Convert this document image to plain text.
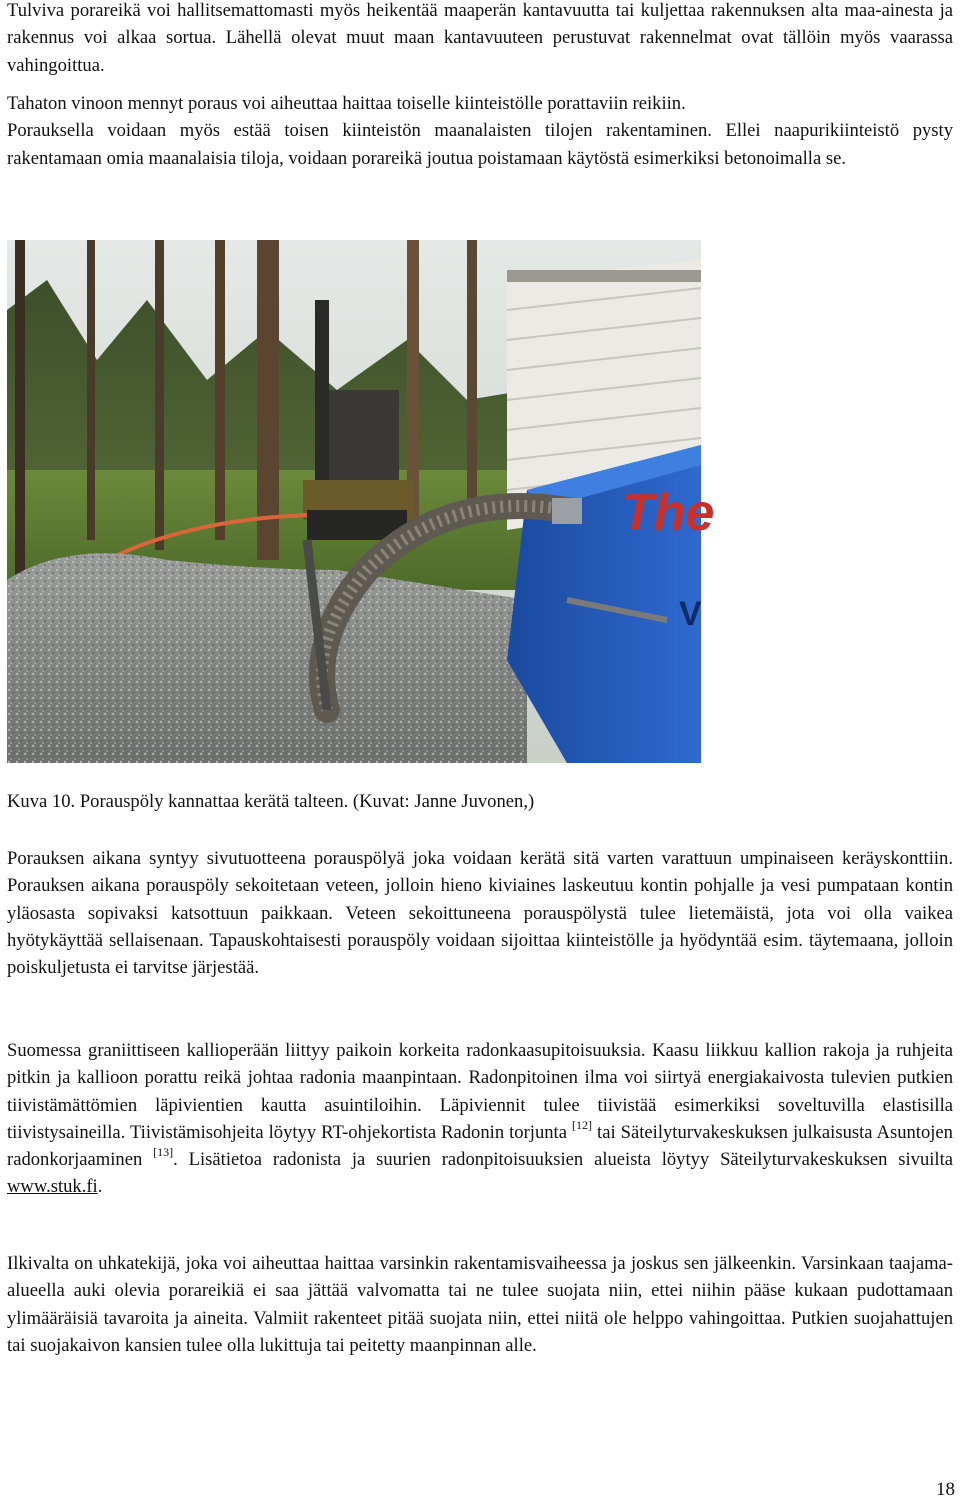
Tulviva porareikä voi hallitsemattomasti myös heikentää maaperän kantavuutta tai kuljettaa rakennuksen alta maa-ainesta ja rakennus voi alkaa sortua. Lähellä olevat muut maan kantavuuteen perustuvat rakennelmat ovat tällöin myös vaarassa vahingoittua.

Tahaton vinoon mennyt poraus voi aiheuttaa haittaa toiselle kiinteistölle porattaviin reikiin.
Porauksella voidaan myös estää toisen kiinteistön maanalaisten tilojen rakentaminen. Ellei naapurikiinteistö pysty rakentamaan omia maanalaisia tiloja, voidaan porareikä joutua poistamaan käytöstä esimerkiksi betonoimalla se.
The
V

Kuva 10. Porauspöly kannattaa kerätä talteen. (Kuvat: Janne Juvonen,)

Porauksen aikana syntyy sivutuotteena porauspölyä joka voidaan kerätä sitä varten varattuun umpinaiseen keräyskonttiin. Porauksen aikana porauspöly sekoitetaan veteen, jolloin hieno kiviaines laskeutuu kontin pohjalle ja vesi pumpataan kontin yläosasta sopivaksi katsottuun paikkaan. Veteen sekoittuneena porauspölystä tulee lietemäistä, jota voi olla vaikea hyötykäyttää sellaisenaan. Tapauskohtaisesti porauspöly voidaan sijoittaa kiinteistölle ja hyödyntää esim. täytemaana, jolloin poiskuljetusta ei tarvitse järjestää.

Suomessa graniittiseen kallioperään liittyy paikoin korkeita radonkaasupitoisuuksia. Kaasu liikkuu kallion rakoja ja ruhjeita pitkin ja kallioon porattu reikä johtaa radonia maanpintaan. Radonpitoinen ilma voi siirtyä energiakaivosta tulevien putkien tiivistämättömien läpivientien kautta asuintiloihin. Läpiviennit tulee tiivistää esimerkiksi soveltuvilla elastisilla tiivistysaineilla. Tiivistämisohjeita löytyy RT-ohjekortista Radonin torjunta [12] tai Säteilyturvakeskuksen julkaisusta Asuntojen radonkorjaaminen [13]. Lisätietoa radonista ja suurien radonpitoisuuksien alueista löytyy Säteilyturvakeskuksen sivuilta www.stuk.fi.

Ilkivalta on uhkatekijä, joka voi aiheuttaa haittaa varsinkin rakentamisvaiheessa ja joskus sen jälkeenkin. Varsinkaan taajama-alueella auki olevia porareikiä ei saa jättää valvomatta tai ne tulee suojata niin, ettei niihin pääse kukaan pudottamaan ylimääräisiä tavaroita ja aineita. Valmiit rakenteet pitää suojata niin, ettei niitä ole helppo vahingoittaa. Putkien suojahattujen tai suojakaivon kansien tulee olla lukittuja tai peitetty maanpinnan alle.

18
